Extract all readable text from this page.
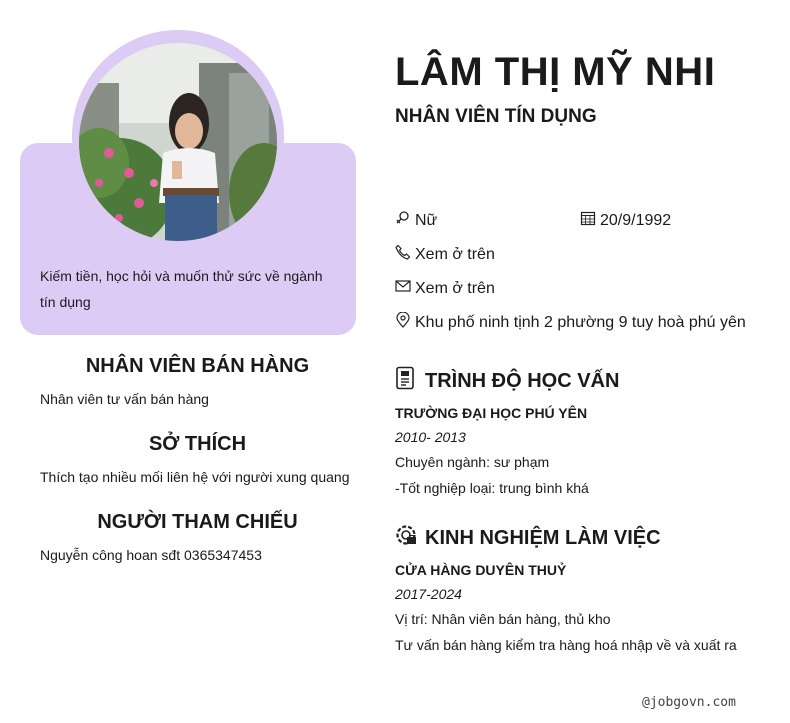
Kiếm tiền, học hỏi và muốn thử sức về ngành tín dụng
NHÂN VIÊN BÁN HÀNG
Nhân viên tư vấn bán hàng
SỞ THÍCH
Thích tạo nhiều mối liên hệ với người xung quang
NGƯỜI THAM CHIẾU
Nguyễn công hoan sđt 0365347453
LÂM THỊ MỸ NHI
NHÂN VIÊN TÍN DỤNG
Nữ	20/9/1992
Xem ở trên
Xem ở trên
Khu phố ninh tịnh 2 phường 9 tuy hoà phú yên
TRÌNH ĐỘ HỌC VẤN
TRƯỜNG ĐẠI HỌC PHÚ YÊN
2010- 2013
Chuyên ngành: sư phạm
-Tốt nghiệp loại: trung bình khá
KINH NGHIỆM LÀM VIỆC
CỬA HÀNG DUYÊN THUỶ
2017-2024
Vị trí: Nhân viên bán hàng, thủ kho
Tư vấn bán hàng kiểm tra hàng hoá nhập về và xuất ra
@jobgovn.com
